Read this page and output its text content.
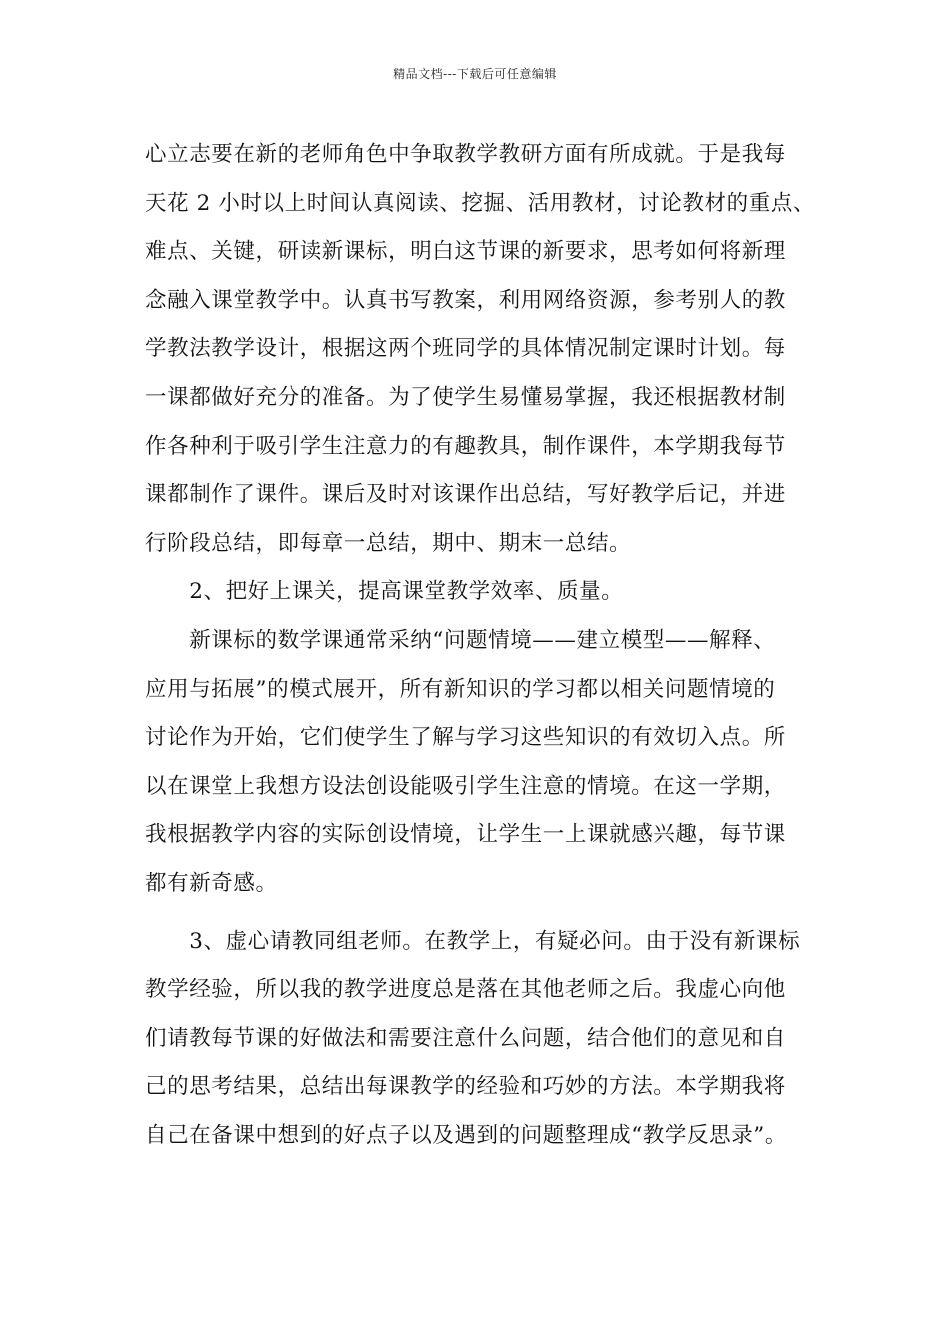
精品文档---下载后可任意编辑
心立志要在新的老师角色中争取教学教研方面有所成就。于是我每
天花 2 小时以上时间认真阅读、挖掘、活用教材，讨论教材的重点、
难点、关键，研读新课标，明白这节课的新要求，思考如何将新理
念融入课堂教学中。认真书写教案，利用网络资源，参考别人的教
学教法教学设计，根据这两个班同学的具体情况制定课时计划。每
一课都做好充分的准备。为了使学生易懂易掌握，我还根据教材制
作各种利于吸引学生注意力的有趣教具，制作课件，本学期我每节
课都制作了课件。课后及时对该课作出总结，写好教学后记，并进
行阶段总结，即每章一总结，期中、期末一总结。
　　2、把好上课关，提高课堂教学效率、质量。
　　新课标的数学课通常采纳“问题情境——建立模型——解释、
应用与拓展”的模式展开，所有新知识的学习都以相关问题情境的
讨论作为开始，它们使学生了解与学习这些知识的有效切入点。所
以在课堂上我想方设法创设能吸引学生注意的情境。在这一学期，
我根据教学内容的实际创设情境，让学生一上课就感兴趣，每节课
都有新奇感。
　　3、虚心请教同组老师。在教学上，有疑必问。由于没有新课标
教学经验，所以我的教学进度总是落在其他老师之后。我虚心向他
们请教每节课的好做法和需要注意什么问题，结合他们的意见和自
己的思考结果，总结出每课教学的经验和巧妙的方法。本学期我将
自己在备课中想到的好点子以及遇到的问题整理成“教学反思录”。
